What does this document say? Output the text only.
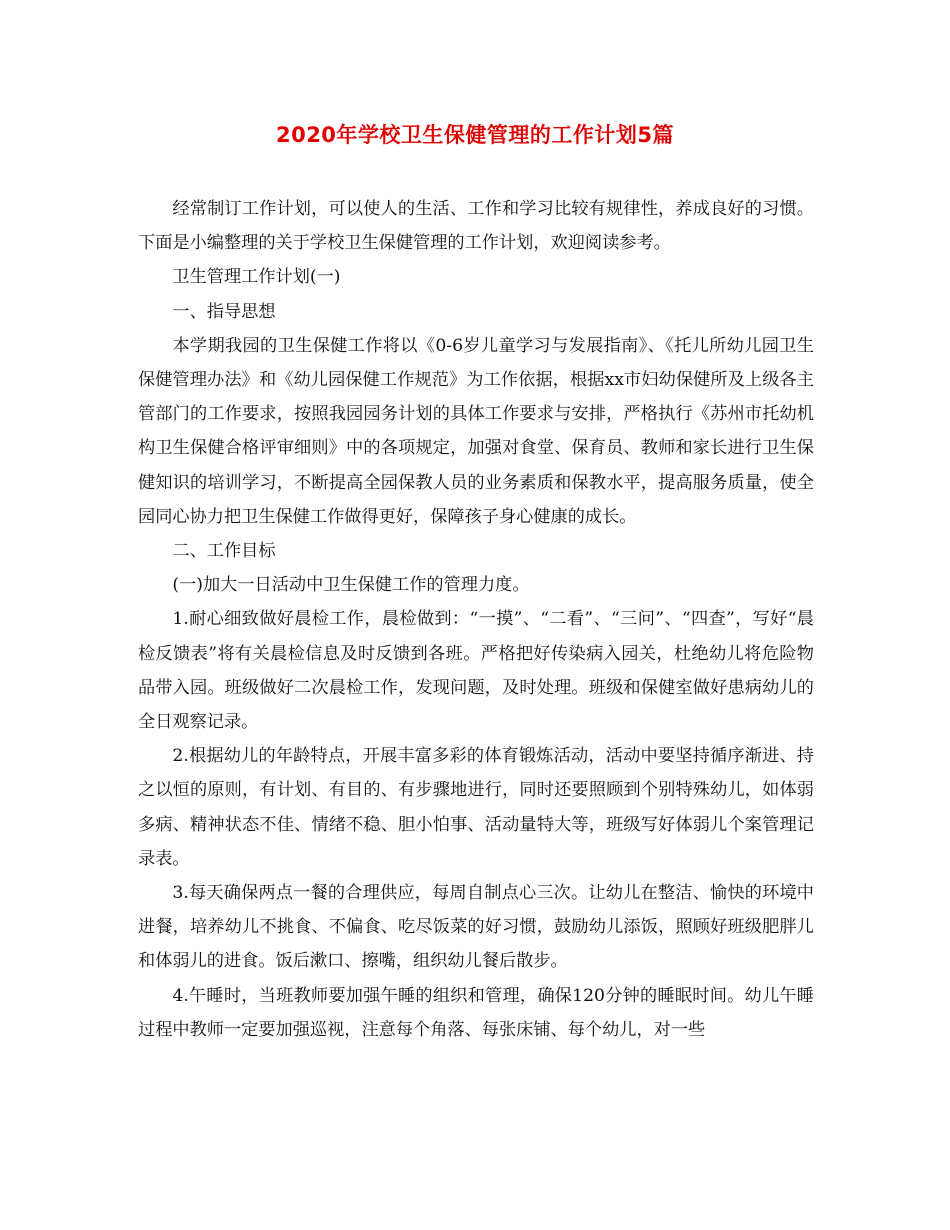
2020年学校卫生保健管理的工作计划5篇

经常制订工作计划，可以使人的生活、工作和学习比较有规律性，养成良好的习惯。下面是小编整理的关于学校卫生保健管理的工作计划，欢迎阅读参考。

卫生管理工作计划(一)

一、指导思想

本学期我园的卫生保健工作将以《0-6岁儿童学习与发展指南》、《托儿所幼儿园卫生保健管理办法》和《幼儿园保健工作规范》为工作依据，根据xx市妇幼保健所及上级各主管部门的工作要求，按照我园园务计划的具体工作要求与安排，严格执行《苏州市托幼机构卫生保健合格评审细则》中的各项规定，加强对食堂、保育员、教师和家长进行卫生保健知识的培训学习，不断提高全园保教人员的业务素质和保教水平，提高服务质量，使全园同心协力把卫生保健工作做得更好，保障孩子身心健康的成长。

二、工作目标

(一)加大一日活动中卫生保健工作的管理力度。

1.耐心细致做好晨检工作，晨检做到：“一摸”、“二看”、“三问”、“四查”，写好“晨检反馈表”将有关晨检信息及时反馈到各班。严格把好传染病入园关，杜绝幼儿将危险物品带入园。班级做好二次晨检工作，发现问题，及时处理。班级和保健室做好患病幼儿的全日观察记录。

2.根据幼儿的年龄特点，开展丰富多彩的体育锻炼活动，活动中要坚持循序渐进、持之以恒的原则，有计划、有目的、有步骤地进行，同时还要照顾到个别特殊幼儿，如体弱多病、精神状态不佳、情绪不稳、胆小怕事、活动量特大等，班级写好体弱儿个案管理记录表。

3.每天确保两点一餐的合理供应，每周自制点心三次。让幼儿在整洁、愉快的环境中进餐，培养幼儿不挑食、不偏食、吃尽饭菜的好习惯，鼓励幼儿添饭，照顾好班级肥胖儿和体弱儿的进食。饭后漱口、擦嘴，组织幼儿餐后散步。

4.午睡时，当班教师要加强午睡的组织和管理，确保120分钟的睡眠时间。幼儿午睡过程中教师一定要加强巡视，注意每个角落、每张床铺、每个幼儿，对一些
